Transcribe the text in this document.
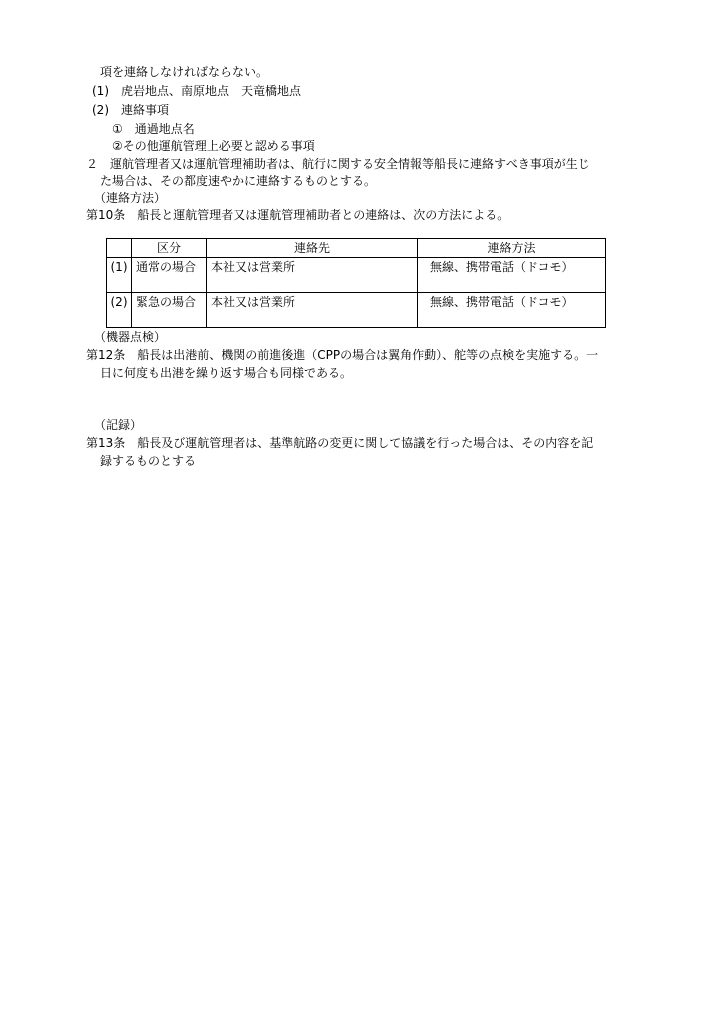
項を連絡しなければならない。
(1)　虎岩地点、南原地点　天竜橋地点
(2)　連絡事項
①　通過地点名
②その他運航管理上必要と認める事項
２　運航管理者又は運航管理補助者は、航行に関する安全情報等船長に連絡すべき事項が生じ
た場合は、その都度速やかに連絡するものとする。
（連絡方法）
第10条　船長と運航管理者又は運航管理補助者との連絡は、次の方法による。
	区分	連絡先	連絡方法
(1)	通常の場合	本社又は営業所	無線、携帯電話（ドコモ）
(2)	緊急の場合	本社又は営業所	無線、携帯電話（ドコモ）
（機器点検）
第12条　船長は出港前、機関の前進後進（CPPの場合は翼角作動）、舵等の点検を実施する。一
日に何度も出港を繰り返す場合も同様である。
（記録）
第13条　船長及び運航管理者は、基準航路の変更に関して協議を行った場合は、その内容を記
録するものとする
